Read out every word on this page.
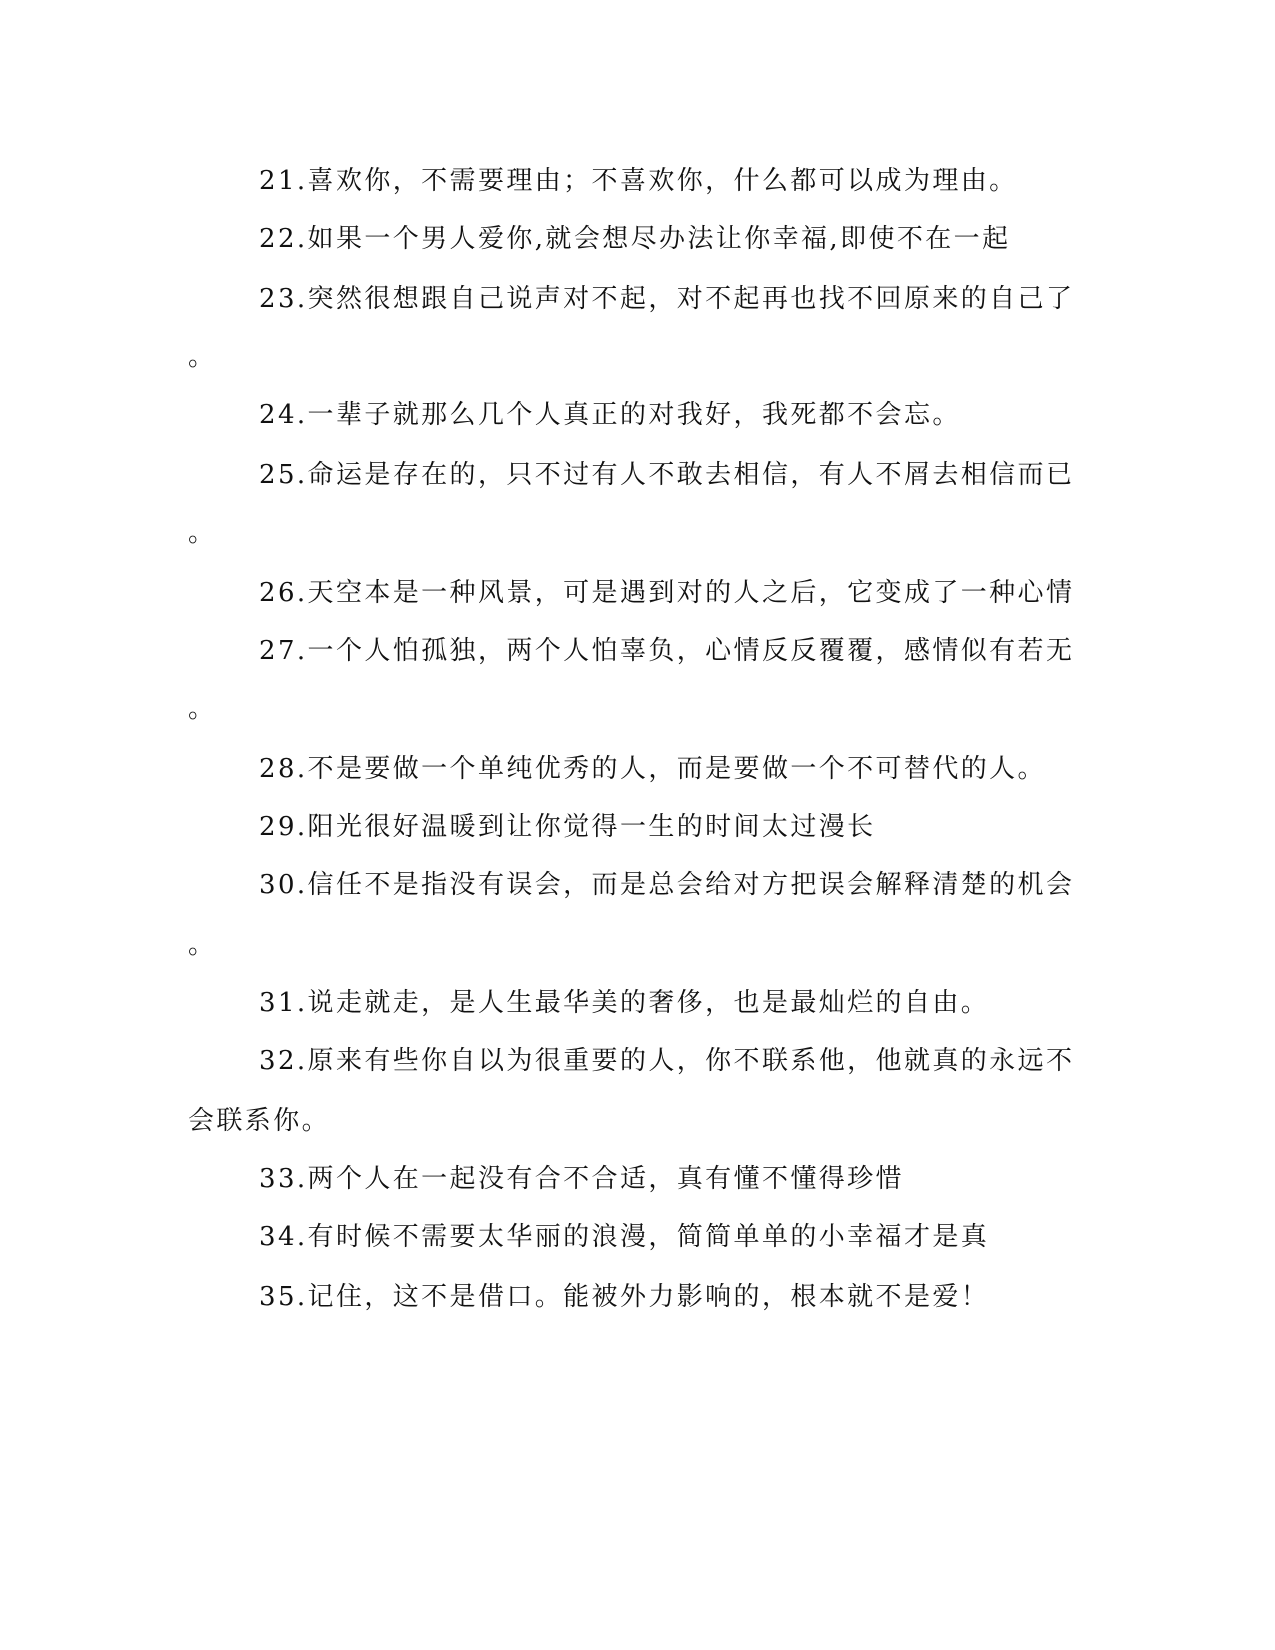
21.喜欢你，不需要理由；不喜欢你，什么都可以成为理由。
22.如果一个男人爱你,就会想尽办法让你幸福,即使不在一起
23.突然很想跟自己说声对不起，对不起再也找不回原来的自己了
。
24.一辈子就那么几个人真正的对我好，我死都不会忘。
25.命运是存在的，只不过有人不敢去相信，有人不屑去相信而已
。
26.天空本是一种风景，可是遇到对的人之后，它变成了一种心情
27.一个人怕孤独，两个人怕辜负，心情反反覆覆，感情似有若无
。
28.不是要做一个单纯优秀的人，而是要做一个不可替代的人。
29.阳光很好温暖到让你觉得一生的时间太过漫长
30.信任不是指没有误会，而是总会给对方把误会解释清楚的机会
。
31.说走就走，是人生最华美的奢侈，也是最灿烂的自由。
32.原来有些你自以为很重要的人，你不联系他，他就真的永远不
会联系你。
33.两个人在一起没有合不合适，真有懂不懂得珍惜
34.有时候不需要太华丽的浪漫，简简单单的小幸福才是真
35.记住，这不是借口。能被外力影响的，根本就不是爱！
